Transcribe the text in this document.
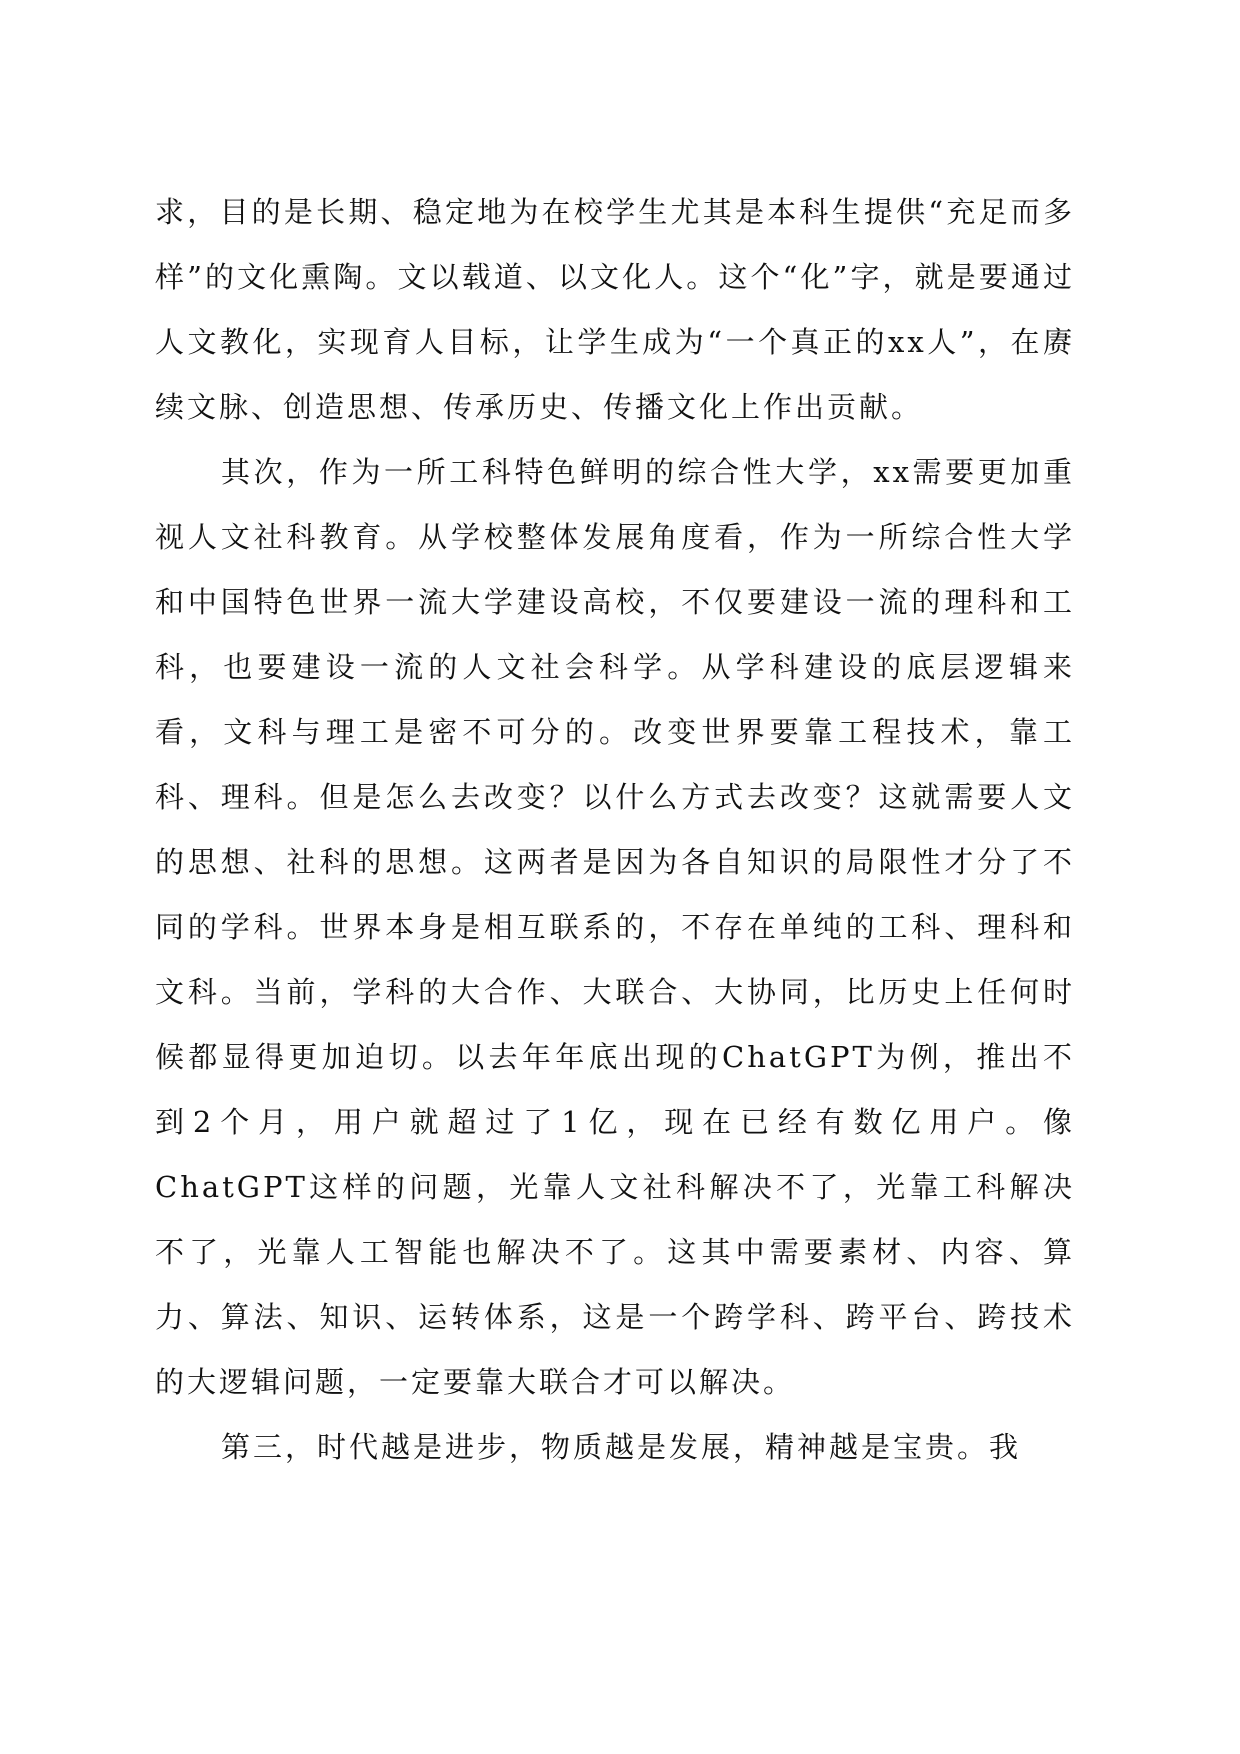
求，目的是长期、稳定地为在校学生尤其是本科生提供“充足而多样”的文化熏陶。文以载道、以文化人。这个“化”字，就是要通过人文教化，实现育人目标，让学生成为“一个真正的xx人”，在赓续文脉、创造思想、传承历史、传播文化上作出贡献。

其次，作为一所工科特色鲜明的综合性大学，xx需要更加重视人文社科教育。从学校整体发展角度看，作为一所综合性大学和中国特色世界一流大学建设高校，不仅要建设一流的理科和工科，也要建设一流的人文社会科学。从学科建设的底层逻辑来看，文科与理工是密不可分的。改变世界要靠工程技术，靠工科、理科。但是怎么去改变？以什么方式去改变？这就需要人文的思想、社科的思想。这两者是因为各自知识的局限性才分了不同的学科。世界本身是相互联系的，不存在单纯的工科、理科和文科。当前，学科的大合作、大联合、大协同，比历史上任何时候都显得更加迫切。以去年年底出现的ChatGPT为例，推出不到2个月，用户就超过了1亿，现在已经有数亿用户。像ChatGPT这样的问题，光靠人文社科解决不了，光靠工科解决不了，光靠人工智能也解决不了。这其中需要素材、内容、算力、算法、知识、运转体系，这是一个跨学科、跨平台、跨技术的大逻辑问题，一定要靠大联合才可以解决。

第三，时代越是进步，物质越是发展，精神越是宝贵。我
